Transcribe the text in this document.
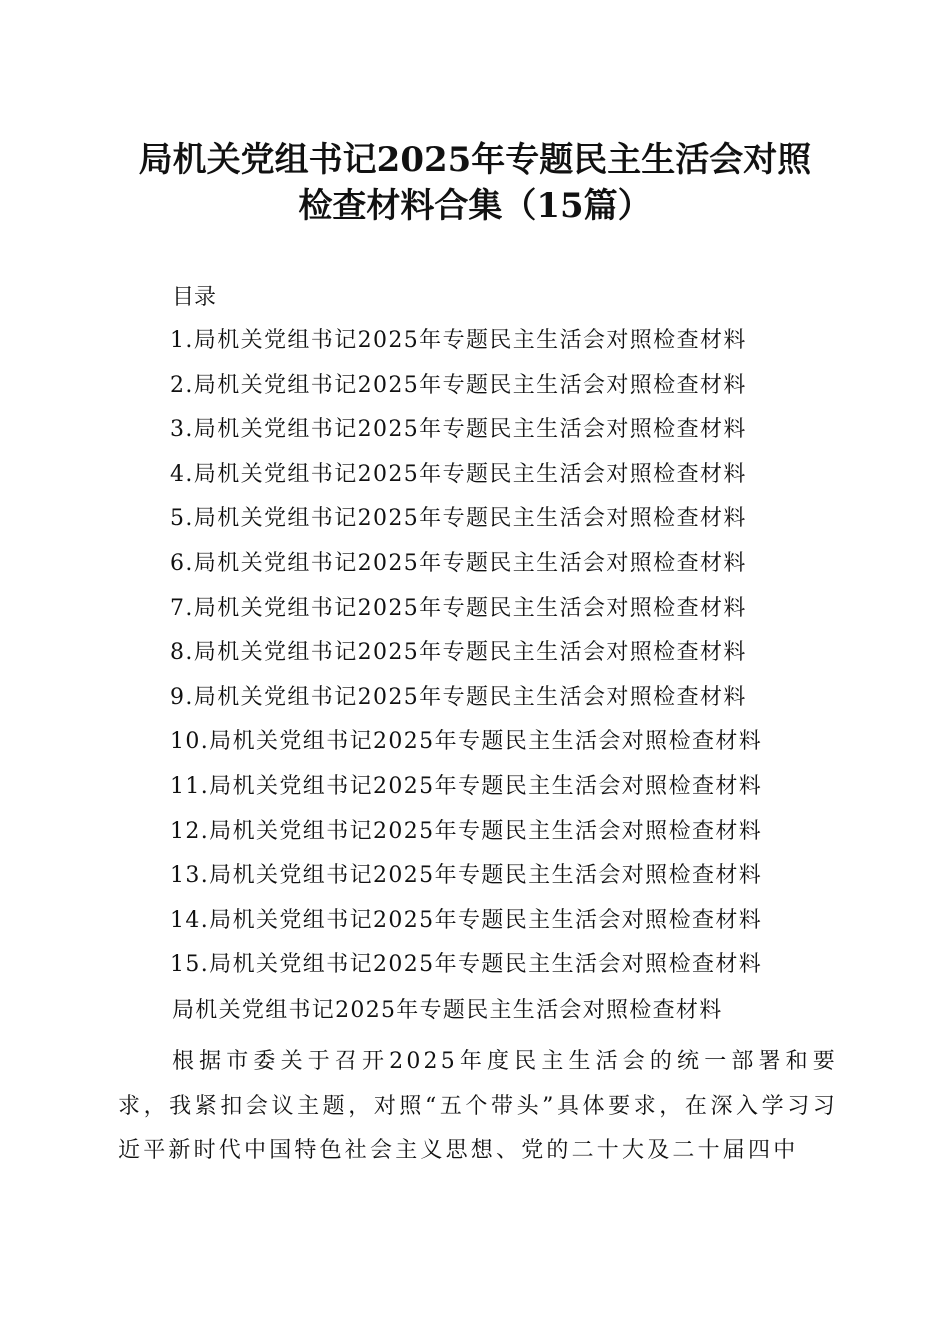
局机关党组书记2025年专题民主生活会对照
检查材料合集（15篇）
目录
1.局机关党组书记2025年专题民主生活会对照检查材料
2.局机关党组书记2025年专题民主生活会对照检查材料
3.局机关党组书记2025年专题民主生活会对照检查材料
4.局机关党组书记2025年专题民主生活会对照检查材料
5.局机关党组书记2025年专题民主生活会对照检查材料
6.局机关党组书记2025年专题民主生活会对照检查材料
7.局机关党组书记2025年专题民主生活会对照检查材料
8.局机关党组书记2025年专题民主生活会对照检查材料
9.局机关党组书记2025年专题民主生活会对照检查材料
10.局机关党组书记2025年专题民主生活会对照检查材料
11.局机关党组书记2025年专题民主生活会对照检查材料
12.局机关党组书记2025年专题民主生活会对照检查材料
13.局机关党组书记2025年专题民主生活会对照检查材料
14.局机关党组书记2025年专题民主生活会对照检查材料
15.局机关党组书记2025年专题民主生活会对照检查材料
局机关党组书记2025年专题民主生活会对照检查材料

根据市委关于召开2025年度民主生活会的统一部署和要求，我紧扣会议主题，对照“五个带头”具体要求，在深入学习习近平新时代中国特色社会主义思想、党的二十大及二十届四中
